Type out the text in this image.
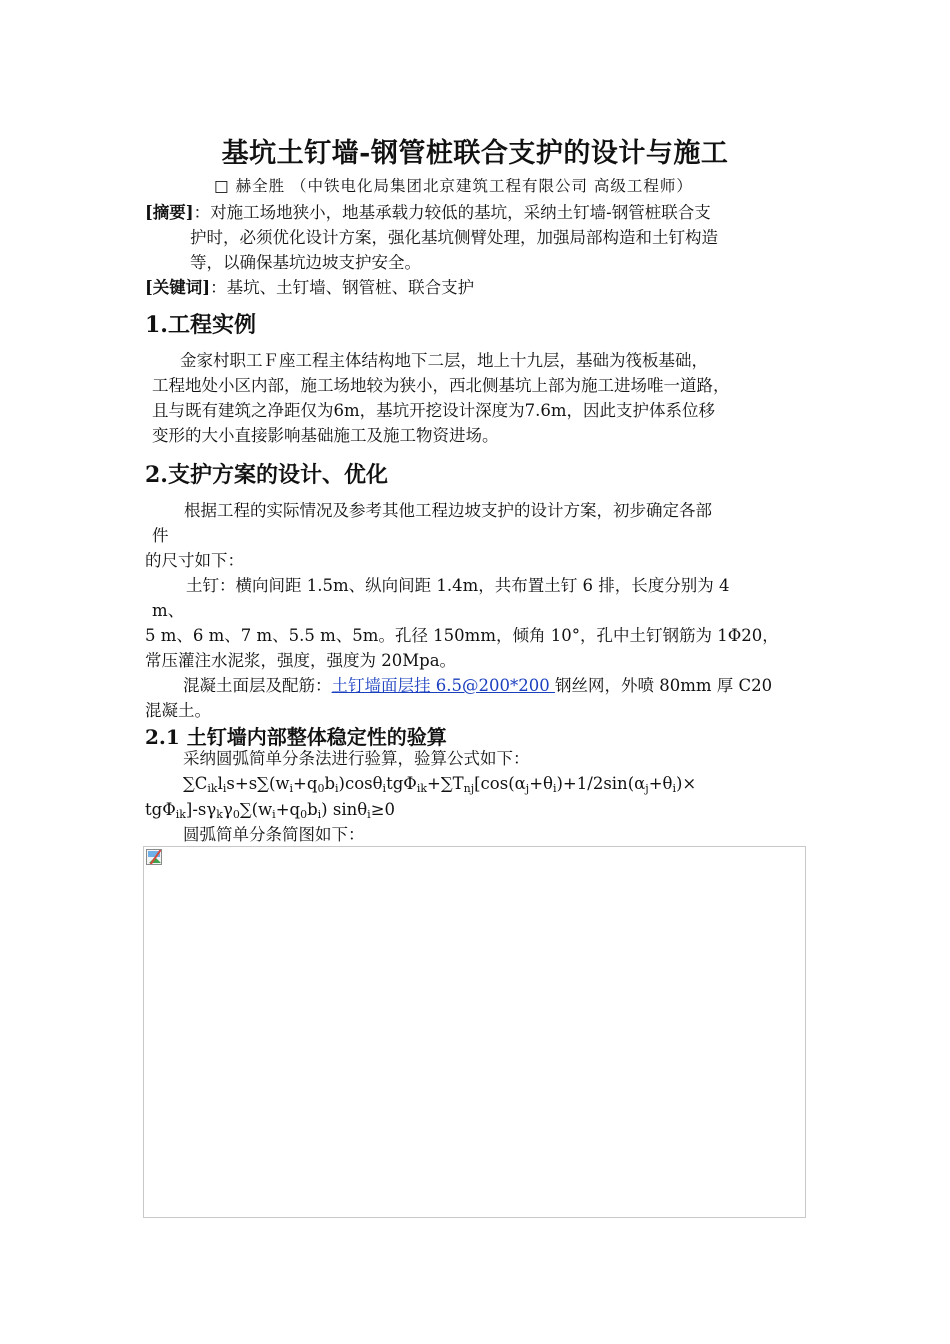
基坑土钉墙-钢管桩联合支护的设计与施工
□ 赫全胜 （中铁电化局集团北京建筑工程有限公司 高级工程师）
[摘要]：对施工场地狭小，地基承载力较低的基坑，采纳土钉墙-钢管桩联合支
护时，必须优化设计方案，强化基坑侧臂处理，加强局部构造和土钉构造
等，以确保基坑边坡支护安全。
[关键词]：基坑、土钉墙、钢管桩、联合支护
1.工程实例
金家村职工Ｆ座工程主体结构地下二层，地上十九层，基础为筏板基础，
工程地处小区内部，施工场地较为狭小，西北侧基坑上部为施工进场唯一道路，
且与既有建筑之净距仅为6m，基坑开挖设计深度为7.6m，因此支护体系位移
变形的大小直接影响基础施工及施工物资进场。
2.支护方案的设计、优化
根据工程的实际情况及参考其他工程边坡支护的设计方案，初步确定各部
件
的尺寸如下：
土钉：横向间距 1.5m、纵向间距 1.4m，共布置土钉 6 排，长度分别为 4
m、
5 m、6 m、7 m、5.5 m、5m。孔径 150mm，倾角 10°，孔中土钉钢筋为 1Φ20，
常压灌注水泥浆，强度，强度为 20Mpa。
混凝土面层及配筋：土钉墙面层挂 6.5@200*200 钢丝网，外喷 80mm 厚 C20
混凝土。
2.1 土钉墙内部整体稳定性的验算
采纳圆弧简单分条法进行验算，验算公式如下：
$\sum C_{ik}l_is+s\sum(w_i+q_0b_i)\cos\theta_itg\Phi_{ik}+\sum T_{nj}[\cos(\alpha_j+\theta_i)+1/2\sin(\alpha_j+\theta_i)\times$
$tg\Phi_{ik}]-s\gamma_k\gamma_0\sum(w_i+q_0b_i)$ sinθ$_i$≥0
圆弧简单分条简图如下：
